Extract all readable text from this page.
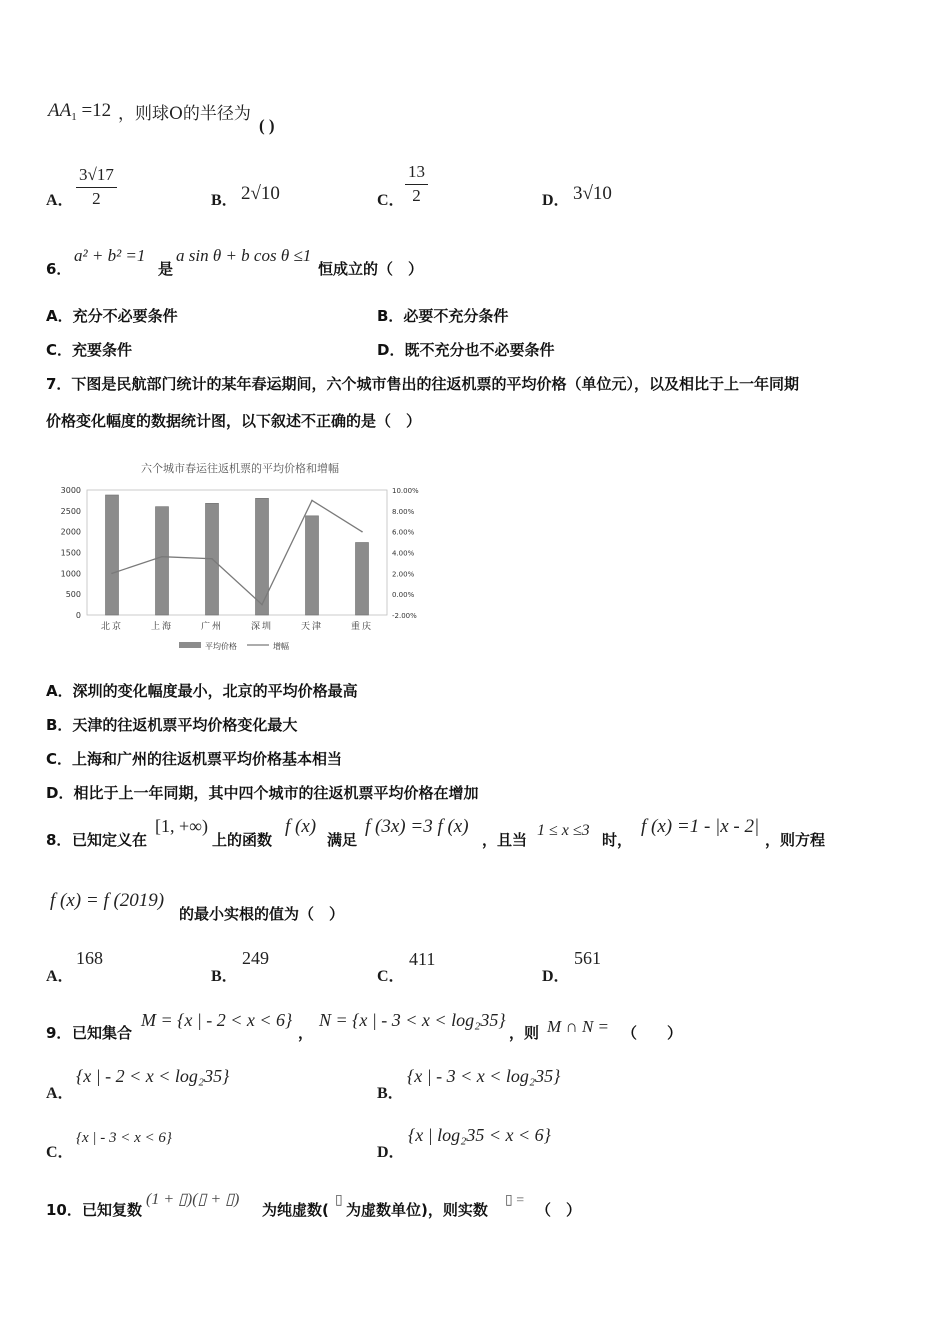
$AA_1 =12$ ，则球O的半径为
( )
A． $\frac{3√17}{2}$	B． 2√10	C． $\frac{13}{2}$	D． 3√10
6．
a² + b² =1
是
a sin θ + b cos θ ≤1
恒成立的（　）
A．充分不必要条件	B．必要不充分条件
C．充要条件	D．既不充分也不必要条件
7．下图是民航部门统计的某年春运期间，六个城市售出的往返机票的平均价格（单位元），以及相比于上一年同期
价格变化幅度的数据统计图，以下叙述不正确的是（　）
六个城市春运往返机票的平均价格和增幅
3000
2500
2000
1500
1000
500
0
10.00%
8.00%
6.00%
4.00%
2.00%
0.00%
-2.00%
北京	上海	广州	深圳	天津	重庆
平均价格	增幅
A．深圳的变化幅度最小，北京的平均价格最高
B．天津的往返机票平均价格变化最大
C．上海和广州的往返机票平均价格基本相当
D．相比于上一年同期，其中四个城市的往返机票平均价格在增加
8． 已知定义在
[1, +∞)
上的函数
f (x)
满足
f (3x) =3 f (x)
，且当
1 ≤ x ≤3
时，
f (x) =1 - |x - 2|
，则方程
f (x) = f (2019)
的最小实根的值为（　）
A．
168
B．
249
C．
411
D．
561
9． 已知集合
M = {x | - 2 < x < 6}
，
N = {x | - 3 < x < log₂35}
，则 M ∩ N = （　　）
A．
{x | - 2 < x < log₂35}
B．
{x | - 3 < x < log₂35}
C．
{x | - 3 < x < 6}
D．
{x | log₂35 < x < 6}
10． 已知复数
(1 + ▯)(▯ + ▯)
为纯虚数(
▯
为虚数单位)，则实数
▯ =
（　）
